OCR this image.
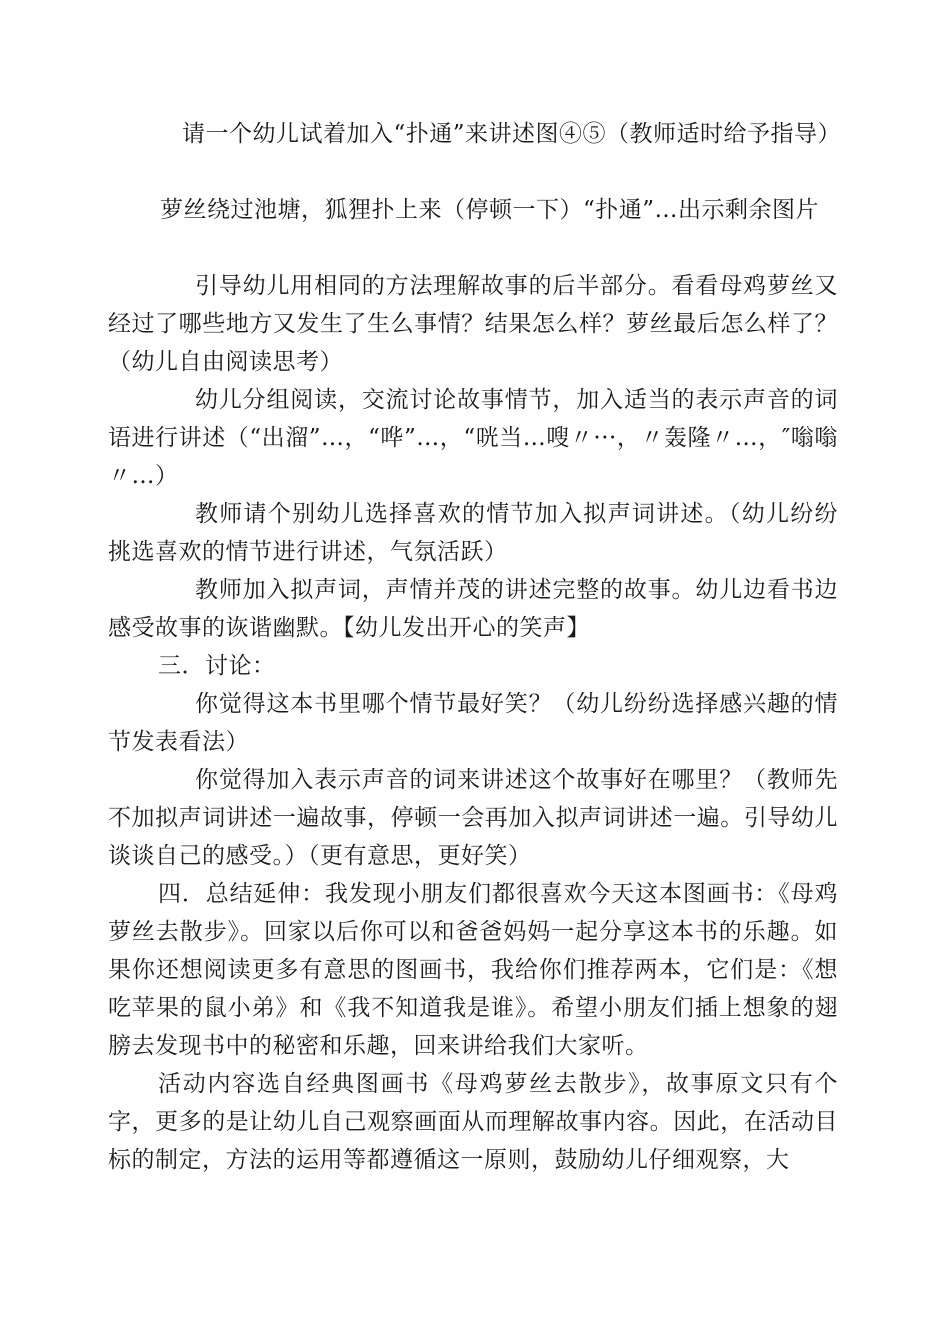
请一个幼儿试着加入“扑通”来讲述图④⑤（教师适时给予指导）

萝丝绕过池塘，狐狸扑上来（停顿一下）“扑通”…出示剩余图片

引导幼儿用相同的方法理解故事的后半部分。看看母鸡萝丝又经过了哪些地方又发生了生么事情？结果怎么样？萝丝最后怎么样了？（幼儿自由阅读思考）

幼儿分组阅读，交流讨论故事情节，加入适当的表示声音的词语进行讲述（“出溜”…，“哗”…，“咣当…嗖〃···，〃轰隆〃…，″嗡嗡〃…）

教师请个别幼儿选择喜欢的情节加入拟声词讲述。（幼儿纷纷挑选喜欢的情节进行讲述，气氛活跃）

教师加入拟声词，声情并茂的讲述完整的故事。幼儿边看书边感受故事的诙谐幽默。【幼儿发出开心的笑声】

三．讨论：

你觉得这本书里哪个情节最好笑？（幼儿纷纷选择感兴趣的情节发表看法）

你觉得加入表示声音的词来讲述这个故事好在哪里？（教师先不加拟声词讲述一遍故事，停顿一会再加入拟声词讲述一遍。引导幼儿谈谈自己的感受。）（更有意思，更好笑）

四．总结延伸：我发现小朋友们都很喜欢今天这本图画书：《母鸡萝丝去散步》。回家以后你可以和爸爸妈妈一起分享这本书的乐趣。如果你还想阅读更多有意思的图画书，我给你们推荐两本，它们是：《想吃苹果的鼠小弟》和《我不知道我是谁》。希望小朋友们插上想象的翅膀去发现书中的秘密和乐趣，回来讲给我们大家听。

活动内容选自经典图画书《母鸡萝丝去散步》，故事原文只有个字，更多的是让幼儿自己观察画面从而理解故事内容。因此，在活动目标的制定，方法的运用等都遵循这一原则，鼓励幼儿仔细观察，大
